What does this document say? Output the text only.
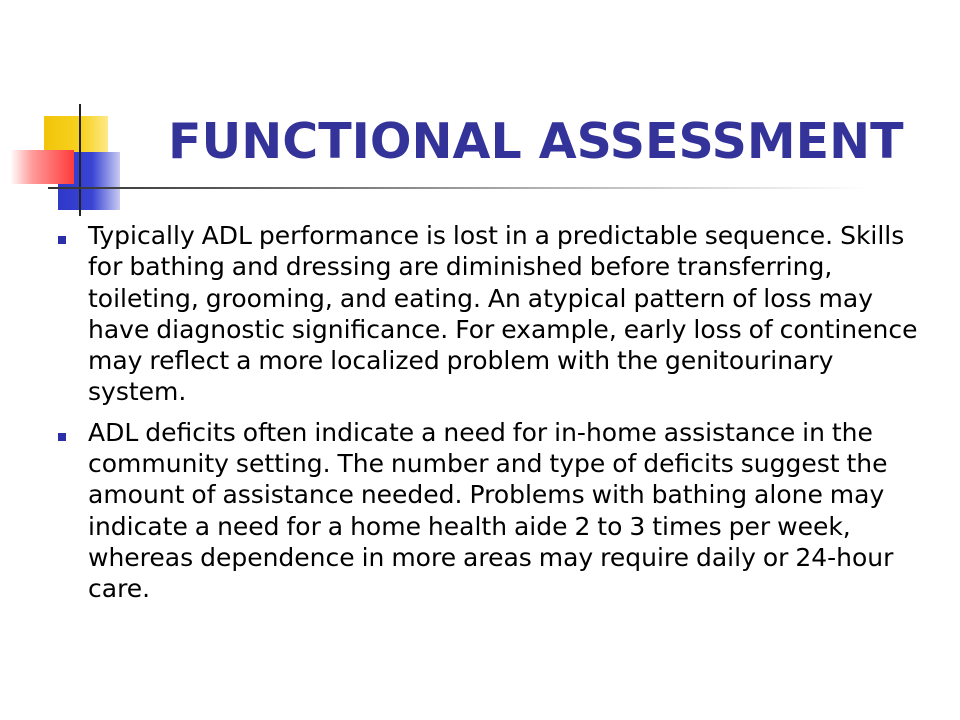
FUNCTIONAL ASSESSMENT
Typically ADL performance is lost in a predictable sequence. Skills for bathing and dressing are diminished before transferring, toileting, grooming, and eating. An atypical pattern of loss may have diagnostic significance. For example, early loss of continence may reflect a more localized problem with the genitourinary system.
ADL deficits often indicate a need for in-home assistance in the community setting. The number and type of deficits suggest the amount of assistance needed. Problems with bathing alone may indicate a need for a home health aide 2 to 3 times per week, whereas dependence in more areas may require daily or 24-hour care.
